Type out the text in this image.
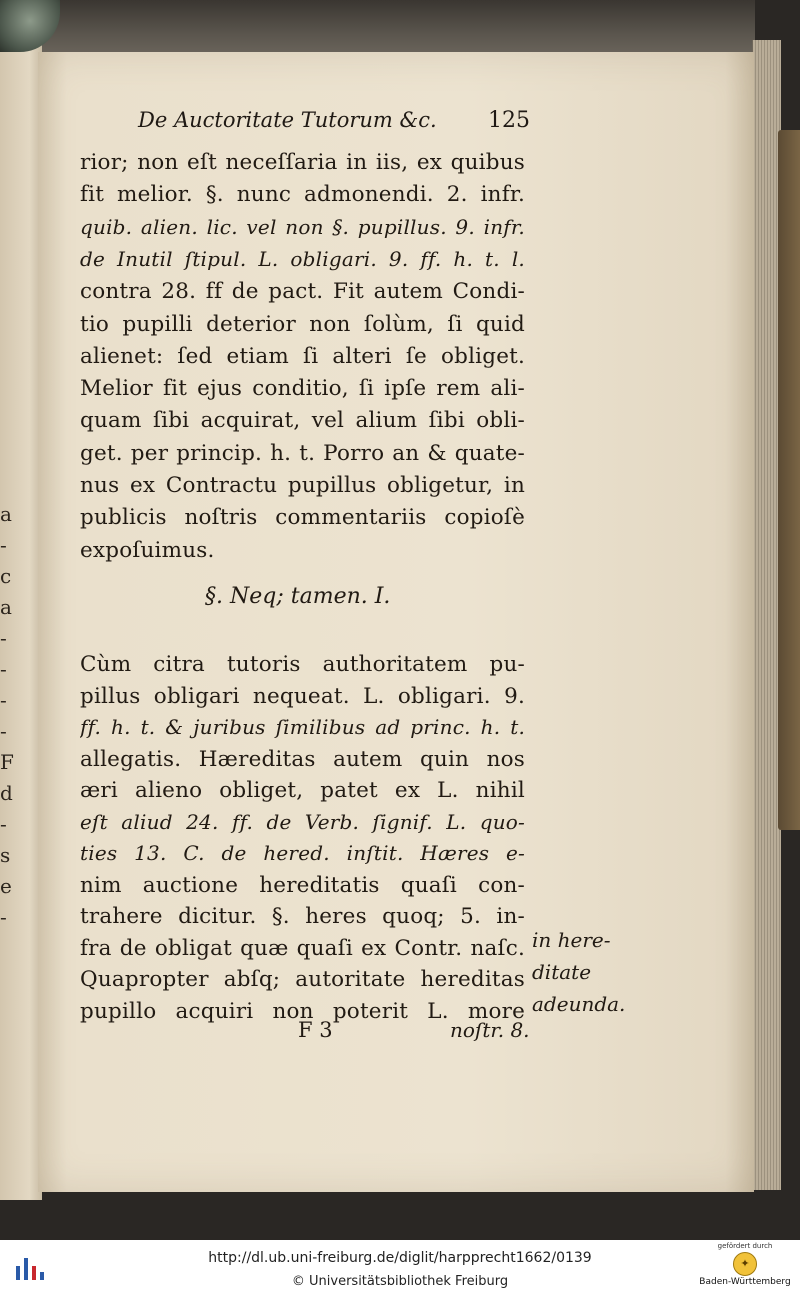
a
-
c
a
-
-
-
-
F
d
-
s
e
-
De Auctoritate Tutorum &c.	125
rior; non eſt neceſſaria in iis, ex quibus
fit melior. §. nunc admonendi. 2. infr.
quib. alien. lic. vel non §. pupillus. 9. infr.
de Inutil ſtipul. L. obligari. 9. ff. h. t. l.
contra 28. ff de pact. Fit autem Condi-
tio pupilli deterior non ſolùm, ſi quid
alienet: ſed etiam ſi alteri ſe obliget.
Melior fit ejus conditio, ſi ipſe rem ali-
quam ſibi acquirat, vel alium ſibi obli-
get. per princip. h. t. Porro an & quate-
nus ex Contractu pupillus obligetur, in
publicis noſtris commentariis copioſè
expoſuimus.
§. Neq; tamen. I.
Cùm citra tutoris authoritatem pu-
pillus obligari nequeat. L. obligari. 9.
ff. h. t. & juribus ſimilibus ad princ. h. t.
allegatis. Hæreditas autem quin nos
æri alieno obliget, patet ex L. nihil
eſt aliud 24. ff. de Verb. ſignif. L. quo-
ties 13. C. de hered. inſtit. Hæres e-
nim auctione hereditatis quaſi con-
trahere dicitur. §. heres quoq; 5. in-
fra de obligat quæ quaſi ex Contr. naſc.
Quapropter abſq; autoritate hereditas
pupillo acquiri non poterit L. more
in here-
ditate
adeunda.
F 3	noſtr. 8.
http://dl.ub.uni-freiburg.de/diglit/harpprecht1662/0139
© Universitätsbibliothek Freiburg
gefördert durch
✦
Baden-Württemberg
